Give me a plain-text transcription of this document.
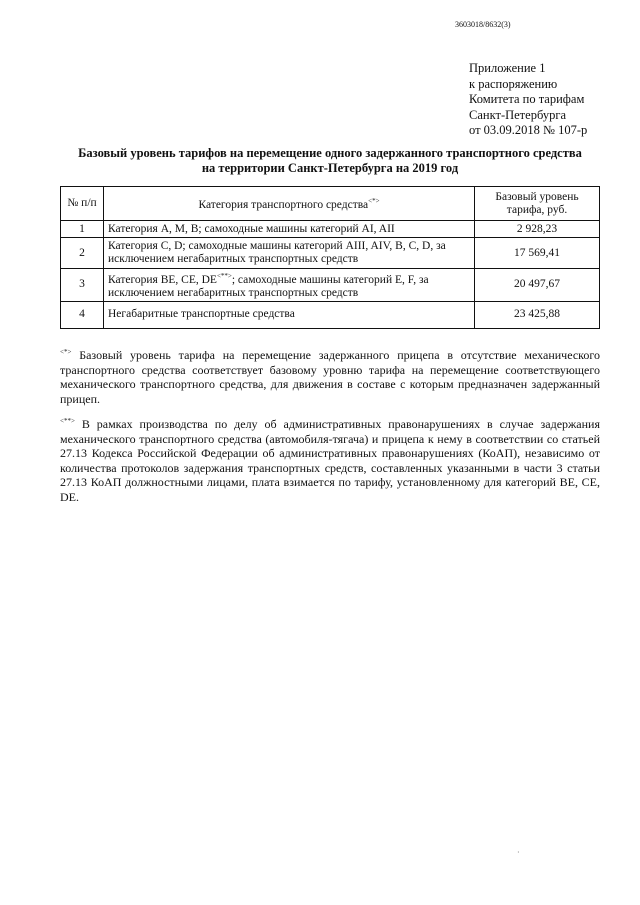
3603018/8632(3)
Приложение 1
к распоряжению
Комитета по тарифам
Санкт-Петербурга
от 03.09.2018 № 107-р
Базовый уровень тарифов на перемещение одного задержанного транспортного средства
на территории Санкт-Петербурга на 2019 год
№ п/п	Категория транспортного средства<*>	Базовый уровень тарифа, руб.
1	Категория A, M, B; самоходные машины категорий AI, AII	2 928,23
2	Категория C, D; самоходные машины категорий AIII, AIV, B, C, D, за исключением негабаритных транспортных средств	17 569,41
3	Категория BE, CE, DE<**>; самоходные машины категорий E, F, за исключением негабаритных транспортных средств	20 497,67
4	Негабаритные транспортные средства	23 425,88
<*> Базовый уровень тарифа на перемещение задержанного прицепа в отсутствие механического транспортного средства соответствует базовому уровню тарифа на перемещение соответствующего механического транспортного средства, для движения в составе с которым предназначен задержанный прицеп.
<**> В рамках производства по делу об административных правонарушениях в случае задержания механического транспортного средства (автомобиля-тягача) и прицепа к нему в соответствии со статьей 27.13 Кодекса Российской Федерации об административных правонарушениях (КоАП), независимо от количества протоколов задержания транспортных средств, составленных указанными в части 3 статьи 27.13 КоАП должностными лицами, плата взимается по тарифу, установленному для категорий BE, CE, DE.
·
